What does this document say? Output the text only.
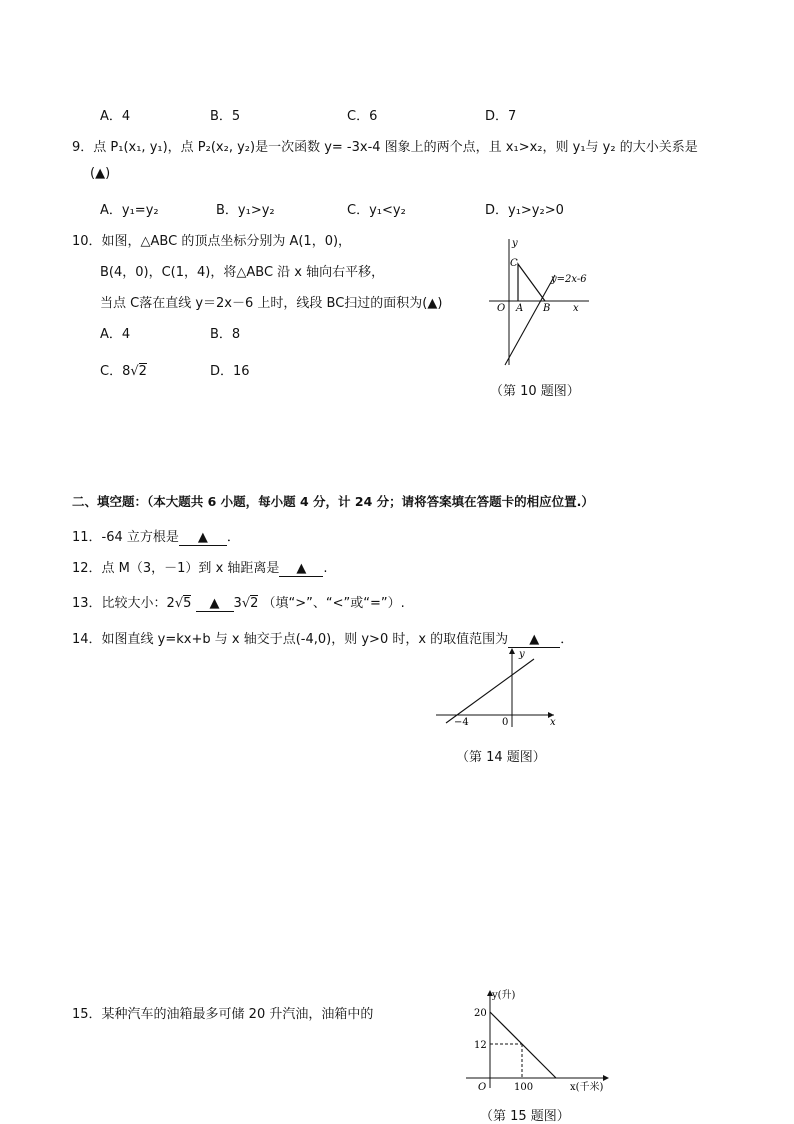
A．4	B．5	C．6	D．7
9．点 P₁(x₁, y₁)，点 P₂(x₂, y₂)是一次函数 y= -3x-4 图象上的两个点，且 x₁>x₂，则 y₁与 y₂ 的大小关系是
(▲)
A．y₁=y₂	B．y₁>y₂	C．y₁<y₂	D．y₁>y₂>0
10．如图，△ABC 的顶点坐标分别为 A(1，0)，
B(4，0)，C(1，4)，将△ABC 沿 x 轴向右平移，
当点 C落在直线 y＝2x－6 上时，线段 BC扫过的面积为(▲)
A．4	B．8
C．8√2	D．16
y
C
y=2x-6
O A B x
（第 10 题图）
二、填空题：（本大题共 6 小题，每小题 4 分，计 24 分；请将答案填在答题卡的相应位置.）
11．-64 立方根是 ▲ ．
12．点 M（3，－1）到 x 轴距离是 ▲ .
13．比较大小：2√5 ▲ 3√2 （填“>”、“<”或“=”）.
14．如图直线 y=kx+b 与 x 轴交于点(-4,0)，则 y>0 时，x 的取值范围为 ▲ ．
y
−4	0	x
（第 14 题图）
15．某种汽车的油箱最多可储 20 升汽油，油箱中的
y(升)
20
12
O	100	x(千米)
（第 15 题图）
